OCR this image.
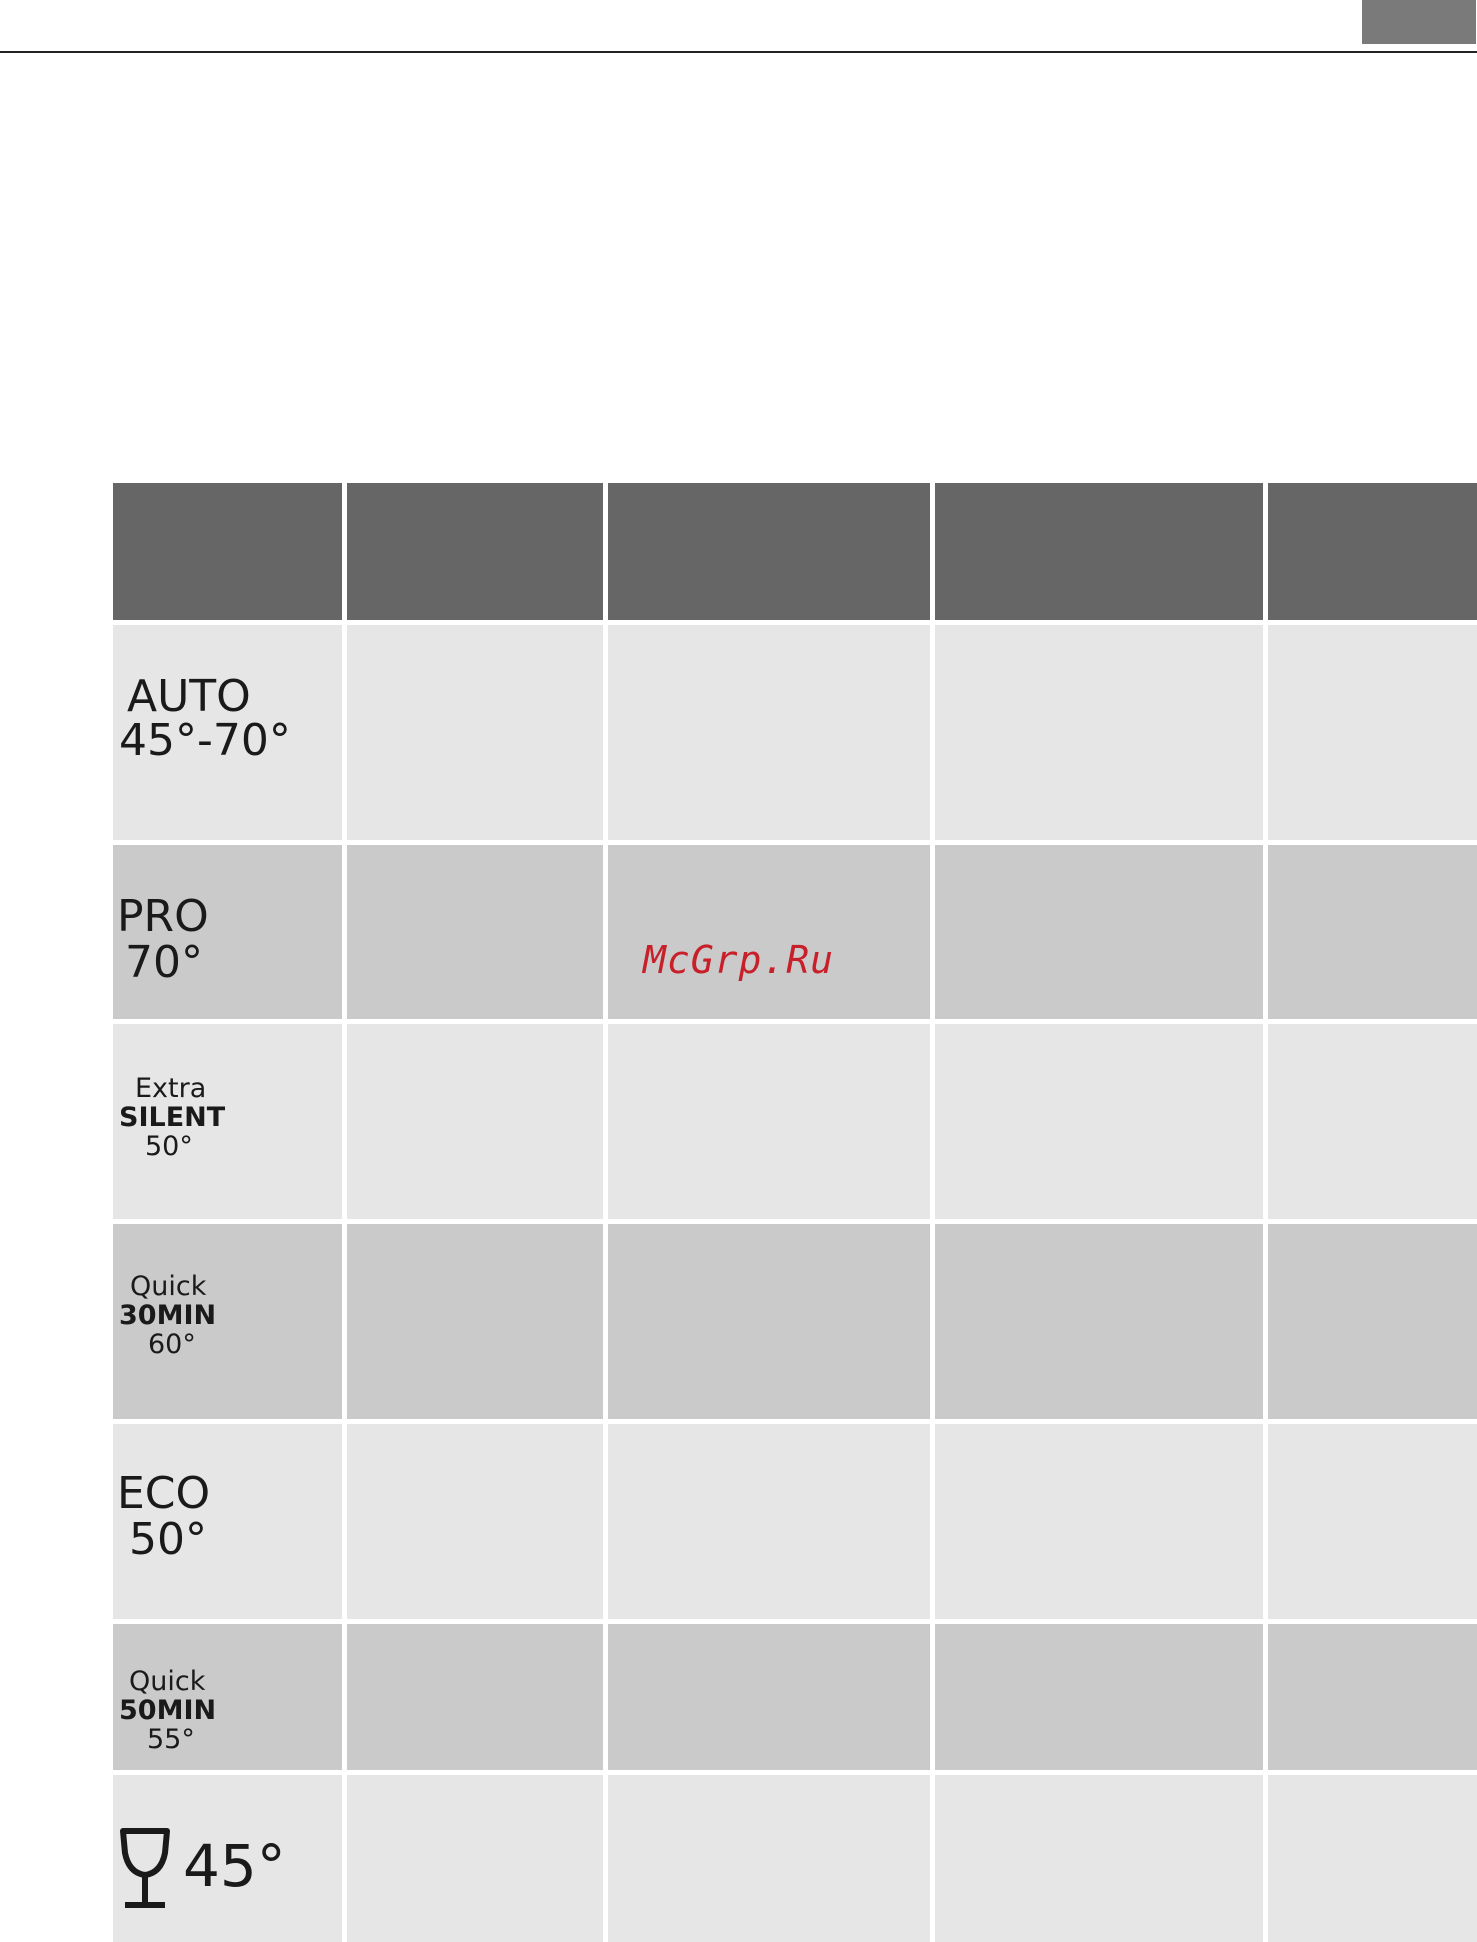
AUTO
45°-70°
PRO
70°
Extra
SILENT
50°
Quick
30MIN
60°
ECO
50°
Quick
50MIN
55°
45°
McGrp.Ru
